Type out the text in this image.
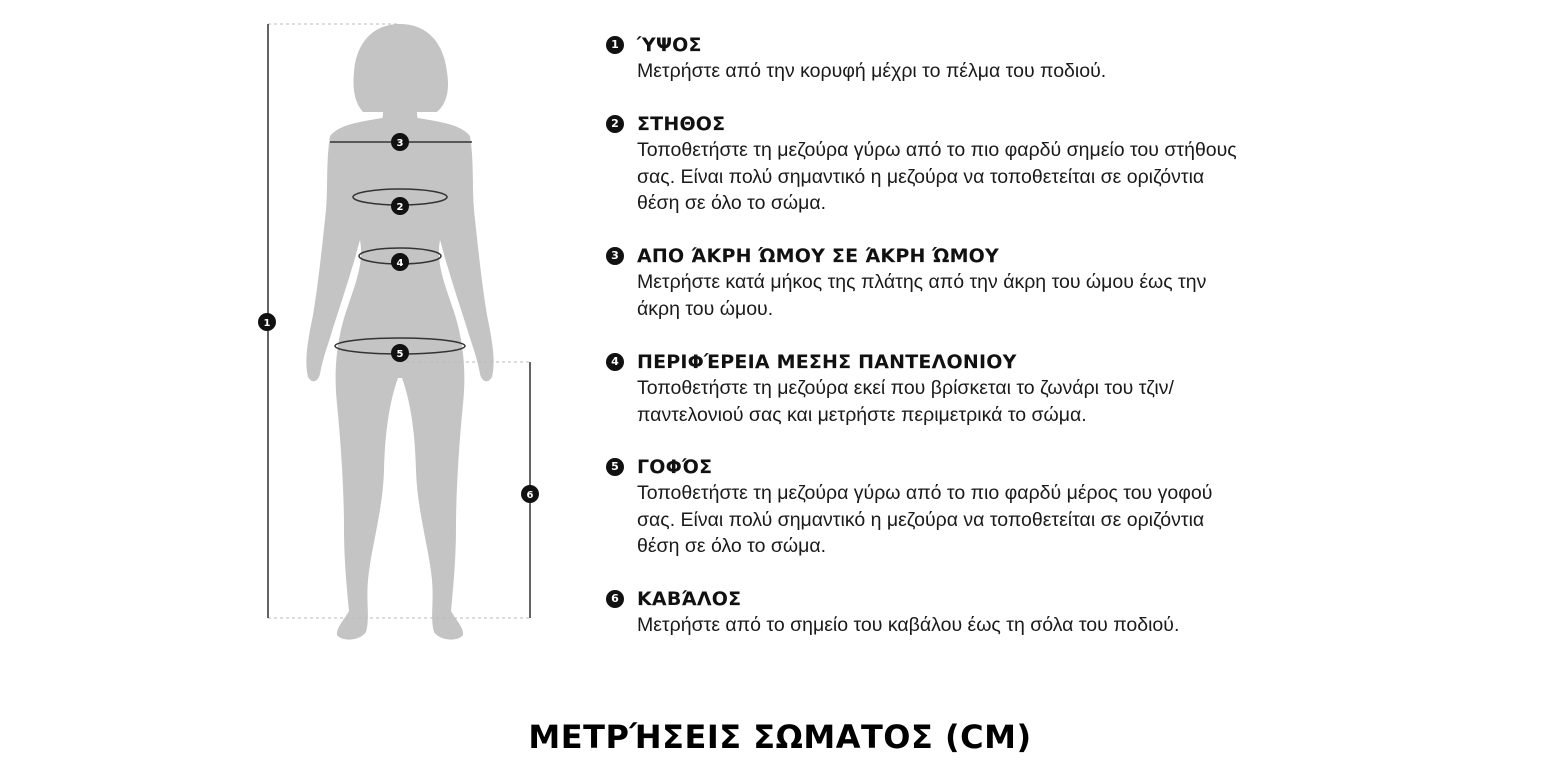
1
3
2
4
5
6
1 ΎΨΟΣ
Μετρήστε από την κορυφή μέχρι το πέλμα του ποδιού.
2 ΣΤΗΘΟΣ
Τοποθετήστε τη μεζούρα γύρω από το πιο φαρδύ σημείο του στήθους σας. Είναι πολύ σημαντικό η μεζούρα να τοποθετείται σε οριζόντια θέση σε όλο το σώμα.
3 ΑΠΟ ΆΚΡΗ ΏΜΟΥ ΣΕ ΆΚΡΗ ΏΜΟΥ
Μετρήστε κατά μήκος της πλάτης από την άκρη του ώμου έως την άκρη του ώμου.
4 ΠΕΡΙΦΈΡΕΙΑ ΜΕΣΗΣ ΠΑΝΤΕΛΟΝΙΟΥ
Τοποθετήστε τη μεζούρα εκεί που βρίσκεται το ζωνάρι του τζιν/παντελονιού σας και μετρήστε περιμετρικά το σώμα.
5 ΓΟΦΌΣ
Τοποθετήστε τη μεζούρα γύρω από το πιο φαρδύ μέρος του γοφού σας. Είναι πολύ σημαντικό η μεζούρα να τοποθετείται σε οριζόντια θέση σε όλο το σώμα.
6 ΚΑΒΆΛΟΣ
Μετρήστε από το σημείο του καβάλου έως τη σόλα του ποδιού.
ΜΕΤΡΉΣΕΙΣ ΣΩΜΑΤΟΣ (CM)
